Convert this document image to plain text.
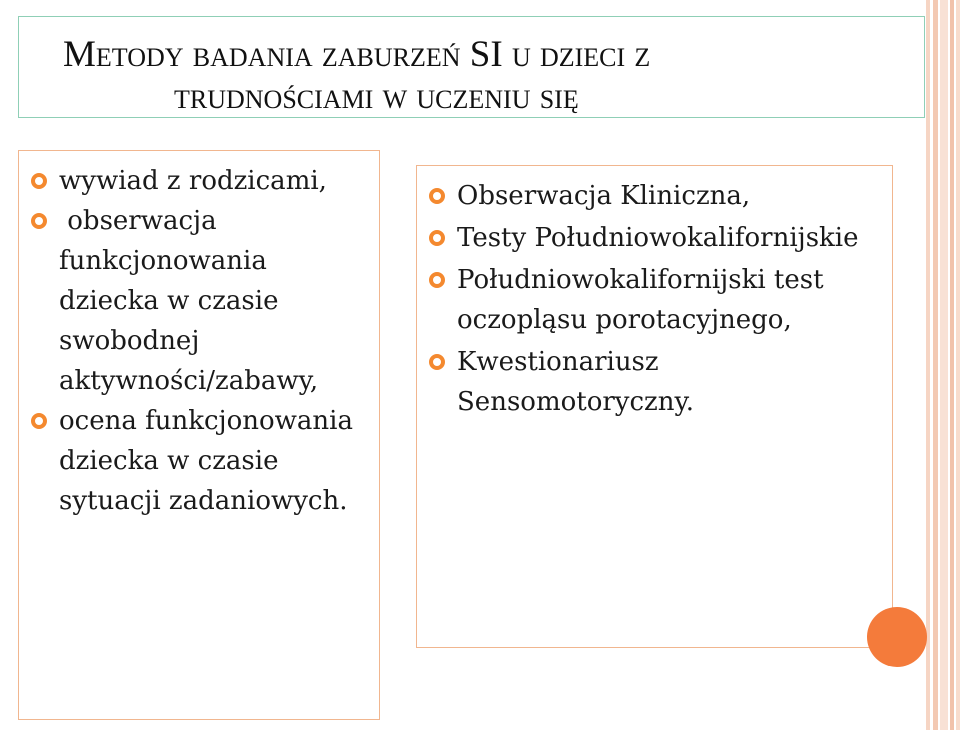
Metody badania zaburzeń SI u dzieci z
trudnościami w uczeniu się
wywiad z rodzicami,
obserwacja funkcjonowania dziecka w czasie swobodnej aktywności/zabawy,
ocena funkcjonowania dziecka w czasie sytuacji zadaniowych.
Obserwacja Kliniczna,
Testy Południowokalifornijskie
Południowokalifornijski test oczopląsu porotacyjnego,
Kwestionariusz Sensomotoryczny.
